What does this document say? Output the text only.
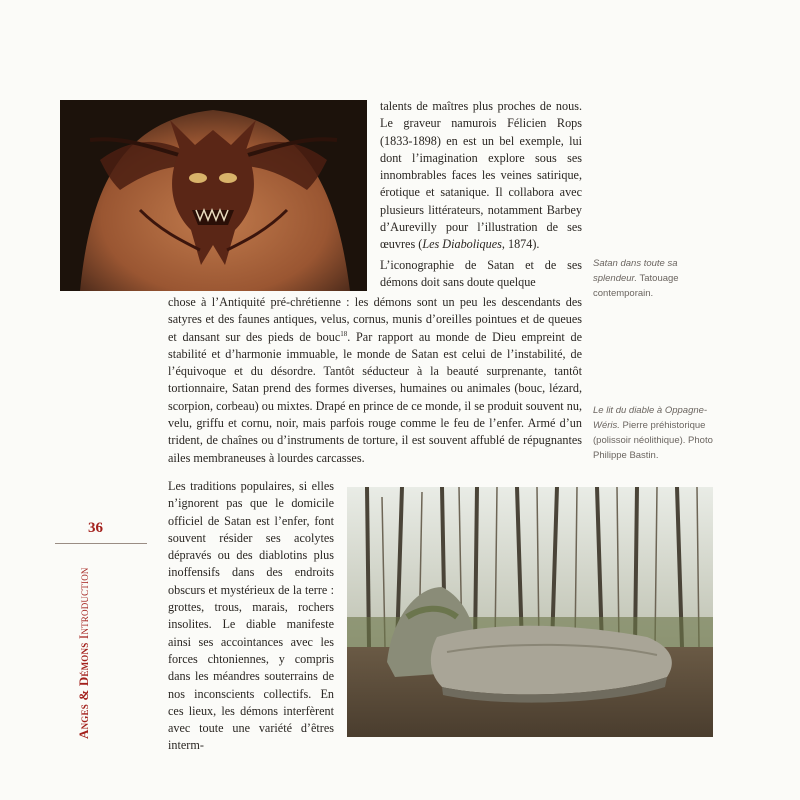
talents de maîtres plus proches de nous. Le graveur namurois Félicien Rops (1833-1898) en est un bel exemple, lui dont l’imagination explore sous ses innombrables faces les veines satirique, érotique et satanique. Il collabora avec plusieurs littérateurs, notamment Barbey d’Aurevilly pour l’illustration de ses œuvres (Les Diaboliques, 1874).

L’iconographie de Satan et de ses démons doit sans doute quelque

chose à l’Antiquité pré-chrétienne : les démons sont un peu les descendants des satyres et des faunes antiques, velus, cornus, munis d’oreilles pointues et de queues et dansant sur des pieds de bouc$^{18}$. Par rapport au monde de Dieu empreint de stabilité et d’harmonie immuable, le monde de Satan est celui de l’instabilité, de l’équivoque et du désordre. Tantôt séducteur à la beauté surprenante, tantôt tortionnaire, Satan prend des formes diverses, humaines ou animales (bouc, lézard, scorpion, corbeau) ou mixtes. Drapé en prince de ce monde, il se produit souvent nu, velu, griffu et cornu, noir, mais parfois rouge comme le feu de l’enfer. Armé d’un trident, de chaînes ou d’instruments de torture, il est souvent affublé de répugnantes ailes membraneuses à lourdes carcasses.

Les traditions populaires, si elles n’ignorent pas que le domicile officiel de Satan est l’enfer, font souvent résider ses acolytes dépravés ou des diablotins plus inoffensifs dans des endroits obscurs et mystérieux de la terre : grottes, trous, marais, rochers insolites. Le diable manifeste ainsi ses accointances avec les forces chtoniennes, y compris dans les méandres souterrains de nos inconscients collectifs. En ces lieux, les démons interfèrent avec toute une variété d’êtres interm-

Satan dans toute sa splendeur. Tatouage contemporain.
Le lit du diable à Oppagne-Wéris. Pierre préhistorique (polissoir néolithique). Photo Philippe Bastin.
36
Anges & Démons Introduction
